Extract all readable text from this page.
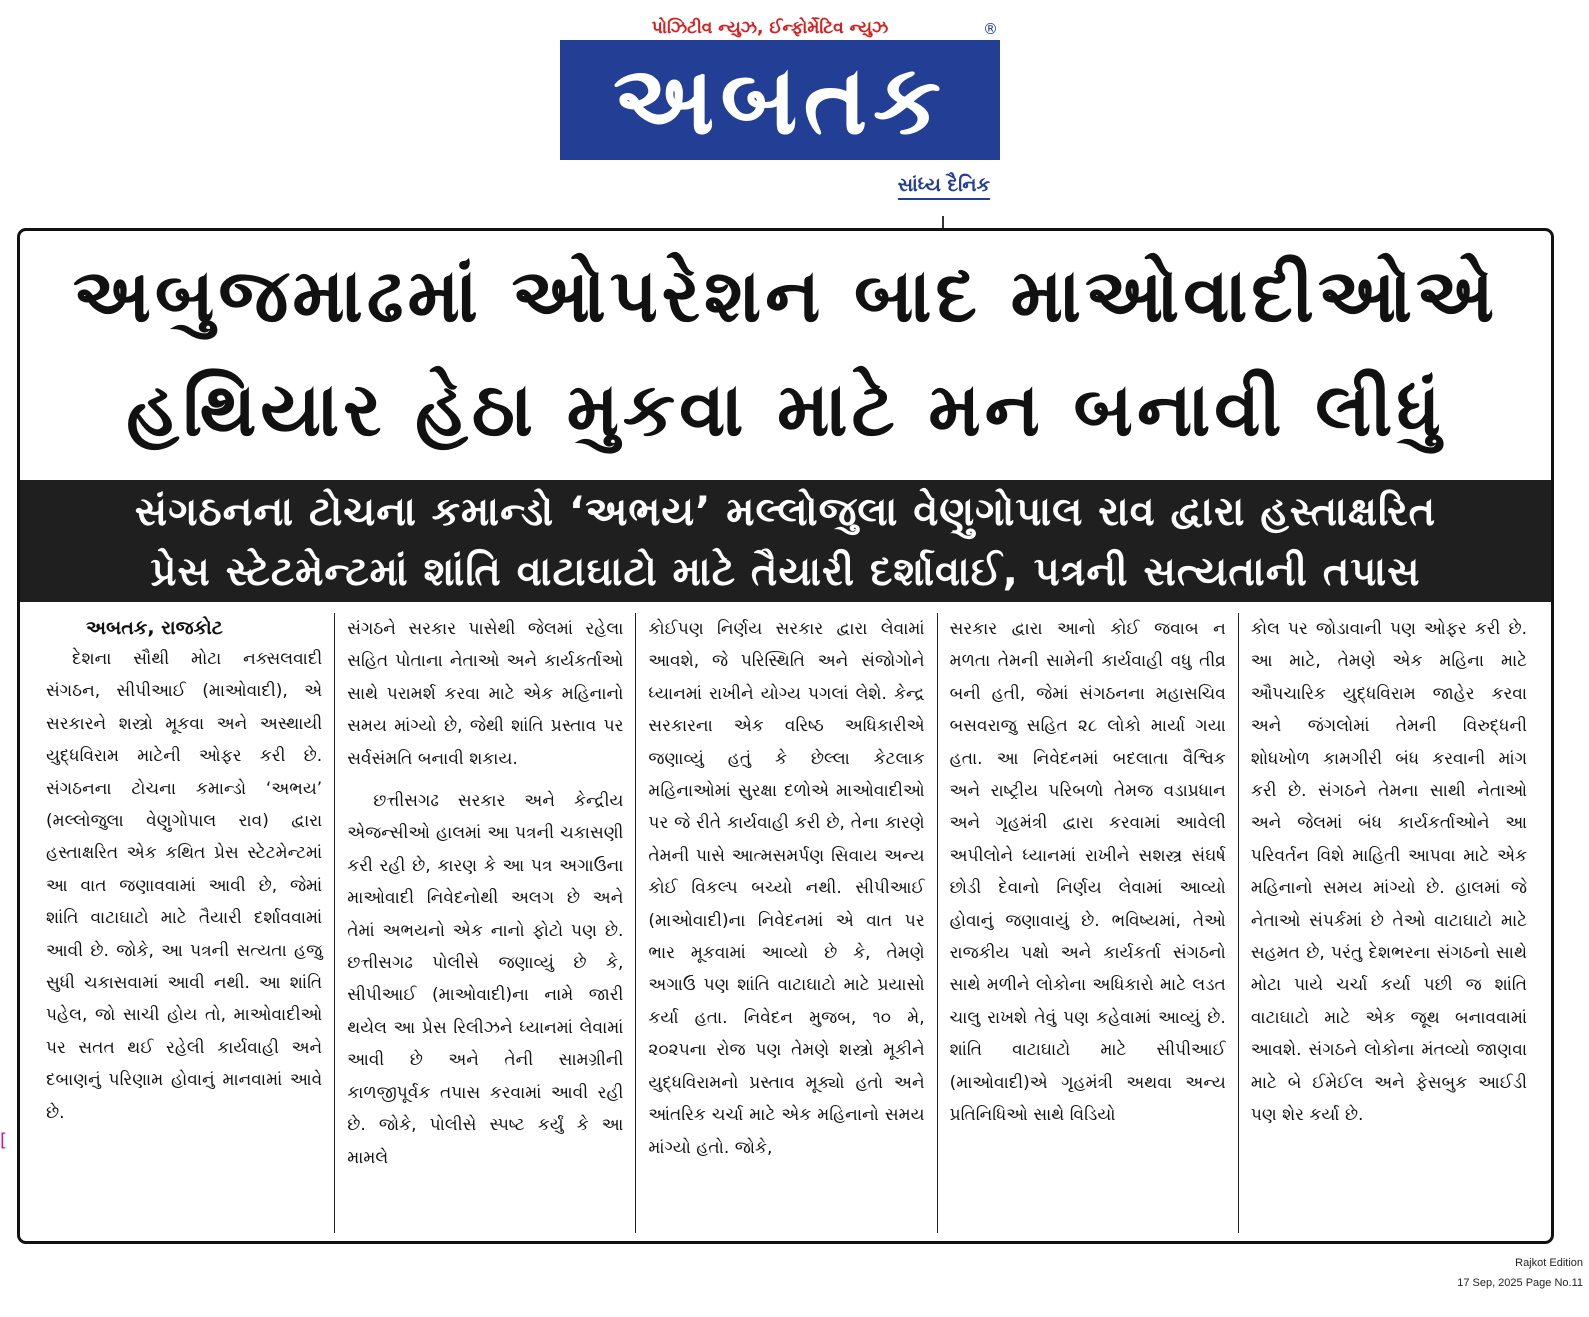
પોઝિટીવ ન્યુઝ, ઈન્ફોર્મેટિવ ન્યુઝ	®
અબતક
સાંધ્ય દૈનિક
અબુજમાઢમાં ઓપરેશન બાદ માઓવાદીઓએ
હથિયાર હેઠા મુકવા માટે મન બનાવી લીધું
સંગઠનના ટોચના કમાન્ડો ‘અભય’ મલ્લોજુલા વેણુગોપાલ રાવ દ્વારા હસ્તાક્ષરિત
પ્રેસ સ્ટેટમેન્ટમાં શાંતિ વાટાઘાટો માટે તૈયારી દર્શાવાઈ, પત્રની સત્યતાની તપાસ
અબતક, રાજકોટ

દેશના સૌથી મોટા નક્સલવાદી સંગઠન, સીપીઆઈ (માઓવાદી), એ સરકારને શસ્ત્રો મૂકવા અને અસ્થાયી યુદ્ધવિરામ માટેની ઓફર કરી છે. સંગઠનના ટોચના કમાન્ડો ‘અભય’ (મલ્લોજુલા વેણુગોપાલ રાવ) દ્વારા હસ્તાક્ષરિત એક કથિત પ્રેસ સ્ટેટમેન્ટમાં આ વાત જણાવવામાં આવી છે, જેમાં શાંતિ વાટાઘાટો માટે તૈયારી દર્શાવવામાં આવી છે. જોકે, આ પત્રની સત્યતા હજુ સુધી ચકાસવામાં આવી નથી. આ શાંતિ પહેલ, જો સાચી હોય તો, માઓવાદીઓ પર સતત થઈ રહેલી કાર્યવાહી અને દબાણનું પરિણામ હોવાનું માનવામાં આવે છે.

સંગઠને સરકાર પાસેથી જેલમાં રહેલા સહિત પોતાના નેતાઓ અને કાર્યકર્તાઓ સાથે પરામર્શ કરવા માટે એક મહિનાનો સમય માંગ્યો છે, જેથી શાંતિ પ્રસ્તાવ પર સર્વસંમતિ બનાવી શકાય.

છત્તીસગઢ સરકાર અને કેન્દ્રીય એજન્સીઓ હાલમાં આ પત્રની ચકાસણી કરી રહી છે, કારણ કે આ પત્ર અગાઉના માઓવાદી નિવેદનોથી અલગ છે અને તેમાં અભયનો એક નાનો ફોટો પણ છે. છત્તીસગઢ પોલીસે જણાવ્યું છે કે, સીપીઆઈ (માઓવાદી)ના નામે જારી થયેલ આ પ્રેસ રિલીઝને ધ્યાનમાં લેવામાં આવી છે અને તેની સામગ્રીની કાળજીપૂર્વક તપાસ કરવામાં આવી રહી છે. જોકે, પોલીસે સ્પષ્ટ કર્યું કે આ મામલે

કોઈપણ નિર્ણય સરકાર દ્વારા લેવામાં આવશે, જે પરિસ્થિતિ અને સંજોગોને ધ્યાનમાં રાખીને યોગ્ય પગલાં લેશે. કેન્દ્ર સરકારના એક વરિષ્ઠ અધિકારીએ જણાવ્યું હતું કે છેલ્લા કેટલાક મહિનાઓમાં સુરક્ષા દળોએ માઓવાદીઓ પર જે રીતે કાર્યવાહી કરી છે, તેના કારણે તેમની પાસે આત્મસમર્પણ સિવાય અન્ય કોઈ વિકલ્પ બચ્યો નથી. સીપીઆઈ (માઓવાદી)ના નિવેદનમાં એ વાત પર ભાર મૂકવામાં આવ્યો છે કે, તેમણે અગાઉ પણ શાંતિ વાટાઘાટો માટે પ્રયાસો કર્યા હતા. નિવેદન મુજબ, ૧૦ મે, ૨૦૨૫ના રોજ પણ તેમણે શસ્ત્રો મૂકીને યુદ્ધવિરામનો પ્રસ્તાવ મૂક્યો હતો અને આંતરિક ચર્ચા માટે એક મહિનાનો સમય માંગ્યો હતો. જોકે,

સરકાર દ્વારા આનો કોઈ જવાબ ન મળતા તેમની સામેની કાર્યવાહી વધુ તીવ્ર બની હતી, જેમાં સંગઠનના મહાસચિવ બસવરાજુ સહિત ૨૮ લોકો માર્યા ગયા હતા. આ નિવેદનમાં બદલાતા વૈશ્વિક અને રાષ્ટ્રીય પરિબળો તેમજ વડાપ્રધાન અને ગૃહમંત્રી દ્વારા કરવામાં આવેલી અપીલોને ધ્યાનમાં રાખીને સશસ્ત્ર સંઘર્ષ છોડી દેવાનો નિર્ણય લેવામાં આવ્યો હોવાનું જણાવાયું છે. ભવિષ્યમાં, તેઓ રાજકીય પક્ષો અને કાર્યકર્તા સંગઠનો સાથે મળીને લોકોના અધિકારો માટે લડત ચાલુ રાખશે તેવું પણ કહેવામાં આવ્યું છે. શાંતિ વાટાઘાટો માટે સીપીઆઈ (માઓવાદી)એ ગૃહમંત્રી અથવા અન્ય પ્રતિનિધિઓ સાથે વિડિયો

કોલ પર જોડાવાની પણ ઓફર કરી છે. આ માટે, તેમણે એક મહિના માટે ઔપચારિક યુદ્ધવિરામ જાહેર કરવા અને જંગલોમાં તેમની વિરુદ્ધની શોધખોળ કામગીરી બંધ કરવાની માંગ કરી છે. સંગઠને તેમના સાથી નેતાઓ અને જેલમાં બંધ કાર્યકર્તાઓને આ પરિવર્તન વિશે માહિતી આપવા માટે એક મહિનાનો સમય માંગ્યો છે. હાલમાં જે નેતાઓ સંપર્કમાં છે તેઓ વાટાઘાટો માટે સહમત છે, પરંતુ દેશભરના સંગઠનો સાથે મોટા પાયે ચર્ચા કર્યા પછી જ શાંતિ વાટાઘાટો માટે એક જૂથ બનાવવામાં આવશે. સંગઠને લોકોના મંતવ્યો જાણવા માટે બે ઈમેઈલ અને ફેસબુક આઈડી પણ શેર કર્યા છે.

[
Rajkot Edition
17 Sep, 2025 Page No.11
